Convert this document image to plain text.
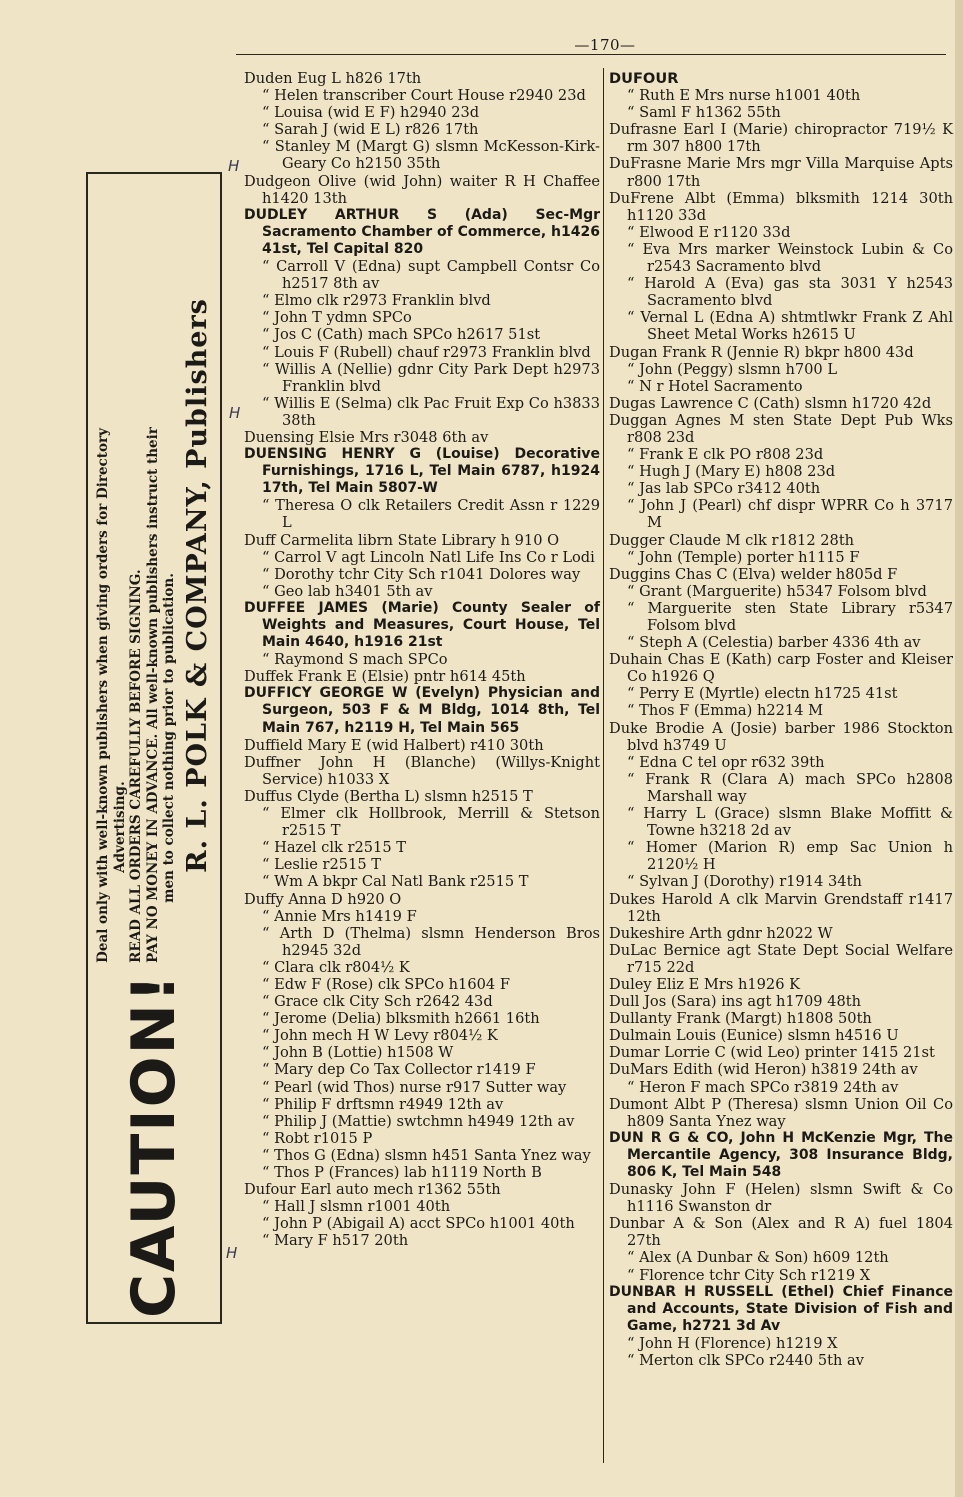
—170—
CAUTION!
Deal only with well-known publishers when giving orders for Directory Advertising. READ ALL ORDERS CAREFULLY BEFORE SIGNING. PAY NO MONEY IN ADVANCE. All well-known publishers instruct their men to collect nothing prior to publication. R. L. POLK & COMPANY, Publishers
H
H
H

Duden Eug L h826 17th

“ Helen transcriber Court House r2940 23d

“ Louisa (wid E F) h2940 23d

“ Sarah J (wid E L) r826 17th

“ Stanley M (Margt G) slsmn McKesson-Kirk-Geary Co h2150 35th

Dudgeon Olive (wid John) waiter R H Chaffee h1420 13th

DUDLEY ARTHUR S (Ada) Sec-Mgr Sacramento Chamber of Commerce, h1426 41st, Tel Capital 820

“ Carroll V (Edna) supt Campbell Contsr Co h2517 8th av

“ Elmo clk r2973 Franklin blvd

“ John T ydmn SPCo

“ Jos C (Cath) mach SPCo h2617 51st

“ Louis F (Rubell) chauf r2973 Franklin blvd

“ Willis A (Nellie) gdnr City Park Dept h2973 Franklin blvd

“ Willis E (Selma) clk Pac Fruit Exp Co h3833 38th

Duensing Elsie Mrs r3048 6th av

DUENSING HENRY G (Louise) Decorative Furnishings, 1716 L, Tel Main 6787, h1924 17th, Tel Main 5807-W

“ Theresa O clk Retailers Credit Assn r 1229 L

Duff Carmelita librn State Library h 910 O

“ Carrol V agt Lincoln Natl Life Ins Co r Lodi

“ Dorothy tchr City Sch r1041 Dolores way

“ Geo lab h3401 5th av

DUFFEE JAMES (Marie) County Sealer of Weights and Measures, Court House, Tel Main 4640, h1916 21st

“ Raymond S mach SPCo

Duffek Frank E (Elsie) pntr h614 45th

DUFFICY GEORGE W (Evelyn) Physician and Surgeon, 503 F & M Bldg, 1014 8th, Tel Main 767, h2119 H, Tel Main 565

Duffield Mary E (wid Halbert) r410 30th

Duffner John H (Blanche) (Willys-Knight Service) h1033 X

Duffus Clyde (Bertha L) slsmn h2515 T

“ Elmer clk Hollbrook, Merrill & Stetson r2515 T

“ Hazel clk r2515 T

“ Leslie r2515 T

“ Wm A bkpr Cal Natl Bank r2515 T

Duffy Anna D h920 O

“ Annie Mrs h1419 F

“ Arth D (Thelma) slsmn Henderson Bros h2945 32d

“ Clara clk r804½ K

“ Edw F (Rose) clk SPCo h1604 F

“ Grace clk City Sch r2642 43d

“ Jerome (Delia) blksmith h2661 16th

“ John mech H W Levy r804½ K

“ John B (Lottie) h1508 W

“ Mary dep Co Tax Collector r1419 F

“ Pearl (wid Thos) nurse r917 Sutter way

“ Philip F drftsmn r4949 12th av

“ Philip J (Mattie) swtchmn h4949 12th av

“ Robt r1015 P

“ Thos G (Edna) slsmn h451 Santa Ynez way

“ Thos P (Frances) lab h1119 North B

Dufour Earl auto mech r1362 55th

“ Hall J slsmn r1001 40th

“ John P (Abigail A) acct SPCo h1001 40th

“ Mary F h517 20th

DUFOUR

“ Ruth E Mrs nurse h1001 40th

“ Saml F h1362 55th

Dufrasne Earl I (Marie) chiropractor 719½ K rm 307 h800 17th

DuFrasne Marie Mrs mgr Villa Marquise Apts r800 17th

DuFrene Albt (Emma) blksmith 1214 30th h1120 33d

“ Elwood E r1120 33d

“ Eva Mrs marker Weinstock Lubin & Co r2543 Sacramento blvd

“ Harold A (Eva) gas sta 3031 Y h2543 Sacramento blvd

“ Vernal L (Edna A) shtmtlwkr Frank Z Ahl Sheet Metal Works h2615 U

Dugan Frank R (Jennie R) bkpr h800 43d

“ John (Peggy) slsmn h700 L

“ N r Hotel Sacramento

Dugas Lawrence C (Cath) slsmn h1720 42d

Duggan Agnes M sten State Dept Pub Wks r808 23d

“ Frank E clk PO r808 23d

“ Hugh J (Mary E) h808 23d

“ Jas lab SPCo r3412 40th

“ John J (Pearl) chf dispr WPRR Co h 3717 M

Dugger Claude M clk r1812 28th

“ John (Temple) porter h1115 F

Duggins Chas C (Elva) welder h805d F

“ Grant (Marguerite) h5347 Folsom blvd

“ Marguerite sten State Library r5347 Folsom blvd

“ Steph A (Celestia) barber 4336 4th av

Duhain Chas E (Kath) carp Foster and Kleiser Co h1926 Q

“ Perry E (Myrtle) electn h1725 41st

“ Thos F (Emma) h2214 M

Duke Brodie A (Josie) barber 1986 Stockton blvd h3749 U

“ Edna C tel opr r632 39th

“ Frank R (Clara A) mach SPCo h2808 Marshall way

“ Harry L (Grace) slsmn Blake Moffitt & Towne h3218 2d av

“ Homer (Marion R) emp Sac Union h 2120½ H

“ Sylvan J (Dorothy) r1914 34th

Dukes Harold A clk Marvin Grendstaff r1417 12th

Dukeshire Arth gdnr h2022 W

DuLac Bernice agt State Dept Social Welfare r715 22d

Duley Eliz E Mrs h1926 K

Dull Jos (Sara) ins agt h1709 48th

Dullanty Frank (Margt) h1808 50th

Dulmain Louis (Eunice) slsmn h4516 U

Dumar Lorrie C (wid Leo) printer 1415 21st

DuMars Edith (wid Heron) h3819 24th av

“ Heron F mach SPCo r3819 24th av

Dumont Albt P (Theresa) slsmn Union Oil Co h809 Santa Ynez way

DUN R G & CO, John H McKenzie Mgr, The Mercantile Agency, 308 Insurance Bldg, 806 K, Tel Main 548

Dunasky John F (Helen) slsmn Swift & Co h1116 Swanston dr

Dunbar A & Son (Alex and R A) fuel 1804 27th

“ Alex (A Dunbar & Son) h609 12th

“ Florence tchr City Sch r1219 X

DUNBAR H RUSSELL (Ethel) Chief Finance and Accounts, State Division of Fish and Game, h2721 3d Av

“ John H (Florence) h1219 X

“ Merton clk SPCo r2440 5th av
